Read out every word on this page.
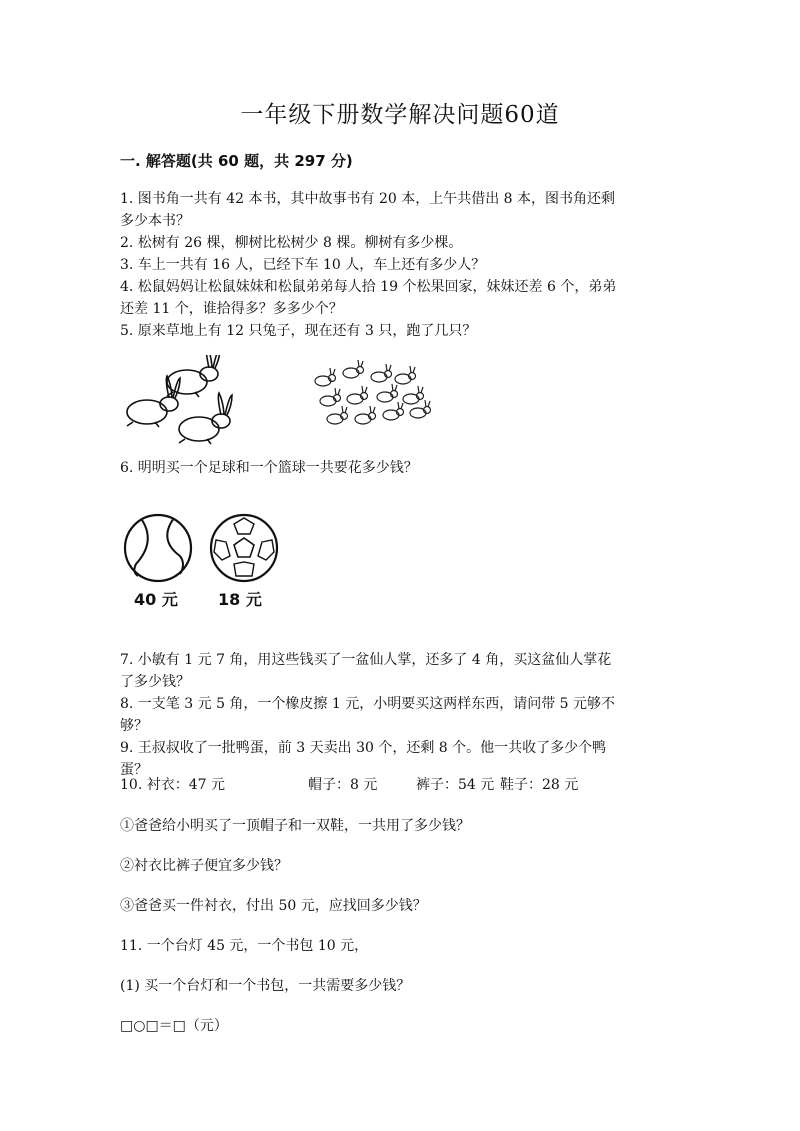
一年级下册数学解决问题60道
一. 解答题(共 60 题，共 297 分)
1. 图书角一共有 42 本书，其中故事书有 20 本，上午共借出 8 本，图书角还剩
多少本书？
2. 松树有 26 棵，柳树比松树少 8 棵。柳树有多少棵。
3. 车上一共有 16 人，已经下车 10 人，车上还有多少人？
4. 松鼠妈妈让松鼠妹妹和松鼠弟弟每人拾 19 个松果回家，妹妹还差 6 个，弟弟
还差 11 个，谁拾得多？多多少个？
5. 原来草地上有 12 只兔子，现在还有 3 只，跑了几只？
6. 明明买一个足球和一个篮球一共要花多少钱？
40 元	18 元
7. 小敏有 1 元 7 角，用这些钱买了一盆仙人掌，还多了 4 角，买这盆仙人掌花
了多少钱？
8. 一支笔 3 元 5 角，一个橡皮擦 1 元，小明要买这两样东西，请问带 5 元够不
够？
9. 王叔叔收了一批鸭蛋，前 3 天卖出 30 个，还剩 8 个。他一共收了多少个鸭
蛋？
10. 衬衣：47 元	帽子：8 元	裤子：54 元 鞋子：28 元
①爸爸给小明买了一顶帽子和一双鞋，一共用了多少钱？
②衬衣比裤子便宜多少钱？
③爸爸买一件衬衣，付出 50 元，应找回多少钱？
11. 一个台灯 45 元，一个书包 10 元，
(1) 买一个台灯和一个书包，一共需要多少钱？
□○□＝□（元）
